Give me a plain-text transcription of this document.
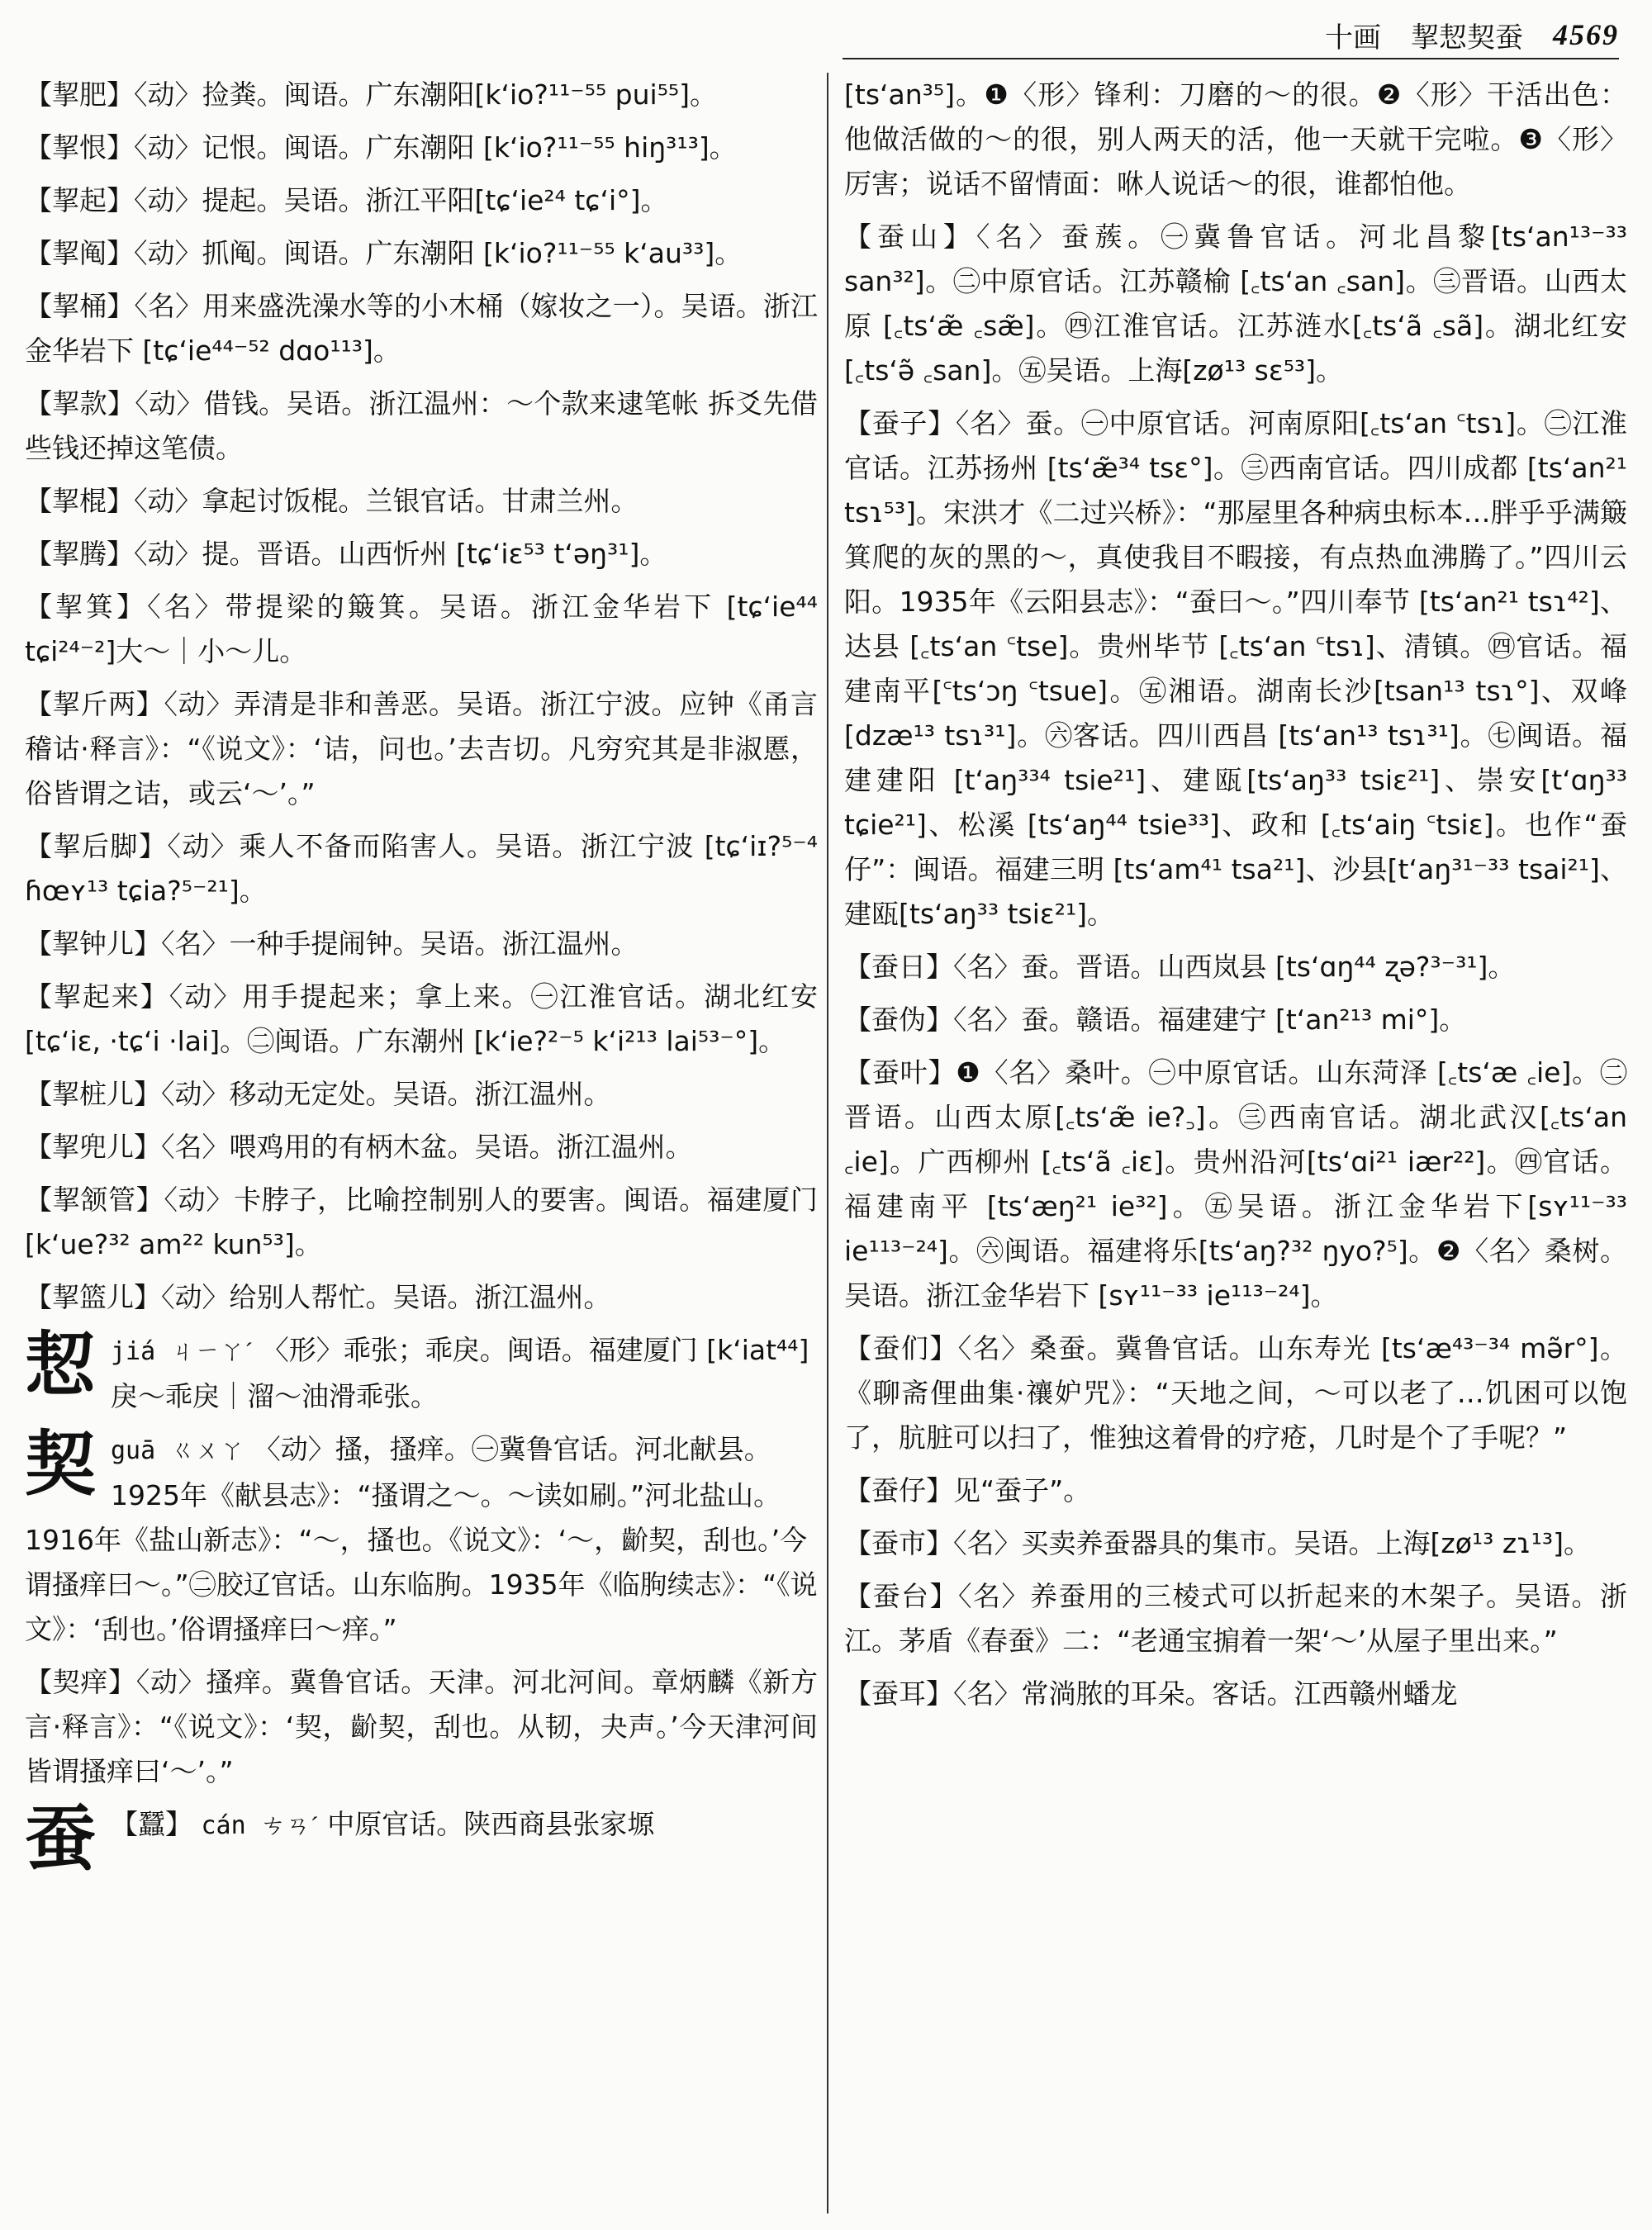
十画 挈恝契蚕 4569

【挈肥】〈动〉捡粪。闽语。广东潮阳[k‘io?¹¹⁻⁵⁵ pui⁵⁵]。

【挈恨】〈动〉记恨。闽语。广东潮阳 [k‘io?¹¹⁻⁵⁵ hiŋ³¹³]。

【挈起】〈动〉提起。吴语。浙江平阳[tɕ‘ie²⁴ tɕ‘i°]。

【挈阄】〈动〉抓阄。闽语。广东潮阳 [k‘io?¹¹⁻⁵⁵ k‘au³³]。

【挈桶】〈名〉用来盛洗澡水等的小木桶（嫁妆之一）。吴语。浙江金华岩下 [tɕ‘ie⁴⁴⁻⁵² dɑo¹¹³]。

【挈款】〈动〉借钱。吴语。浙江温州：～个款来逮笔帐 拆爻先借些钱还掉这笔债。

【挈棍】〈动〉拿起讨饭棍。兰银官话。甘肃兰州。

【挈腾】〈动〉提。晋语。山西忻州 [tɕ‘iɛ⁵³ t‘əŋ³¹]。

【挈箕】〈名〉带提梁的簸箕。吴语。浙江金华岩下 [tɕ‘ie⁴⁴ tɕi²⁴⁻²]大～｜小～儿。

【挈斤两】〈动〉弄清是非和善恶。吴语。浙江宁波。应钟《甬言稽诂·释言》：“《说文》：‘诘，问也。’去吉切。凡穷究其是非淑慝，俗皆谓之诘，或云‘～’。”

【挈后脚】〈动〉乘人不备而陷害人。吴语。浙江宁波 [tɕ‘iɪ?⁵⁻⁴ ɦœʏ¹³ tɕia?⁵⁻²¹]。

【挈钟儿】〈名〉一种手提闹钟。吴语。浙江温州。

【挈起来】〈动〉用手提起来；拿上来。㊀江淮官话。湖北红安[tɕ‘iɛ, ·tɕ‘i ·lai]。㊁闽语。广东潮州 [k‘ie?²⁻⁵ k‘i²¹³ lai⁵³⁻°]。

【挈桩儿】〈动〉移动无定处。吴语。浙江温州。

【挈兜儿】〈名〉喂鸡用的有柄木盆。吴语。浙江温州。

【挈颔管】〈动〉卡脖子，比喻控制别人的要害。闽语。福建厦门[k‘ue?³² am²² kun⁵³]。

【挈篮儿】〈动〉给别人帮忙。吴语。浙江温州。

恝 jiá ㄐㄧㄚˊ 〈形〉乖张；乖戾。闽语。福建厦门 [k‘iat⁴⁴] 戾～乖戾｜溜～油滑乖张。
契 guā ㄍㄨㄚ 〈动〉搔，搔痒。㊀冀鲁官话。河北献县。1925年《献县志》：“搔谓之～。～读如刷。”河北盐山。1916年《盐山新志》：“～，搔也。《说文》：‘～，齘契，刮也。’今谓搔痒曰～。”㊁胶辽官话。山东临朐。1935年《临朐续志》：“《说文》：‘刮也。’俗谓搔痒曰～痒。”

【契痒】〈动〉搔痒。冀鲁官话。天津。河北河间。章炳麟《新方言·释言》：“《说文》：‘契，齘契，刮也。从韧，夬声。’今天津河间皆谓搔痒曰‘～’。”

蚕 【蠶】 cán ㄘㄢˊ 中原官话。陕西商县张家塬

[ts‘an³⁵]。❶〈形〉锋利：刀磨的～的很。❷〈形〉干活出色：他做活做的～的很，别人两天的活，他一天就干完啦。❸〈形〉厉害；说话不留情面：咻人说话～的很，谁都怕他。

【蚕山】〈名〉蚕蔟。㊀冀鲁官话。河北昌黎[ts‘an¹³⁻³³ san³²]。㊁中原官话。江苏赣榆 [꜀ts‘an ꜀san]。㊂晋语。山西太原 [꜀ts‘æ̃ ꜀sæ̃]。㊃江淮官话。江苏涟水[꜀ts‘ã ꜀sã]。湖北红安[꜀ts‘ə̃ ꜀san]。㊄吴语。上海[zø¹³ sɛ⁵³]。

【蚕子】〈名〉蚕。㊀中原官话。河南原阳[꜀ts‘an ꜂tsɿ]。㊁江淮官话。江苏扬州 [ts‘æ̃³⁴ tsɛ°]。㊂西南官话。四川成都 [ts‘an²¹ tsɿ⁵³]。宋洪才《二过兴桥》：“那屋里各种病虫标本…胖乎乎满簸箕爬的灰的黑的～，真使我目不暇接，有点热血沸腾了。”四川云阳。1935年《云阳县志》：“蚕曰～。”四川奉节 [ts‘an²¹ tsɿ⁴²]、达县 [꜀ts‘an ꜂tse]。贵州毕节 [꜀ts‘an ꜂tsɿ]、清镇。㊃官话。福建南平[꜂ts‘ɔŋ ꜂tsue]。㊄湘语。湖南长沙[tsan¹³ tsɿ°]、双峰[dzæ¹³ tsɿ³¹]。㊅客话。四川西昌 [ts‘an¹³ tsɿ³¹]。㊆闽语。福建建阳 [t‘aŋ³³⁴ tsie²¹]、建瓯[ts‘aŋ³³ tsiɛ²¹]、崇安[t‘ɑŋ³³ tɕie²¹]、松溪 [ts‘aŋ⁴⁴ tsie³³]、政和 [꜀ts‘aiŋ ꜂tsiɛ]。也作“蚕仔”：闽语。福建三明 [ts‘am⁴¹ tsa²¹]、沙县[t‘aŋ³¹⁻³³ tsai²¹]、建瓯[ts‘aŋ³³ tsiɛ²¹]。

【蚕日】〈名〉蚕。晋语。山西岚县 [ts‘ɑŋ⁴⁴ ʐə?³⁻³¹]。

【蚕伪】〈名〉蚕。赣语。福建建宁 [t‘an²¹³ mi°]。

【蚕叶】❶〈名〉桑叶。㊀中原官话。山东菏泽 [꜀ts‘æ ꜀ie]。㊁晋语。山西太原[꜀ts‘æ̃ ie?꜆]。㊂西南官话。湖北武汉[꜀ts‘an ꜀ie]。广西柳州 [꜀ts‘ã ꜀iɛ]。贵州沿河[ts‘ɑi²¹ iær²²]。㊃官话。福建南平 [ts‘æŋ²¹ ie³²]。㊄吴语。浙江金华岩下[sʏ¹¹⁻³³ ie¹¹³⁻²⁴]。㊅闽语。福建将乐[ts‘aŋ?³² ŋyo?⁵]。❷〈名〉桑树。吴语。浙江金华岩下 [sʏ¹¹⁻³³ ie¹¹³⁻²⁴]。

【蚕们】〈名〉桑蚕。冀鲁官话。山东寿光 [ts‘æ⁴³⁻³⁴ mə̃r°]。《聊斋俚曲集·禳妒咒》：“天地之间，～可以老了…饥困可以饱了，肮脏可以扫了，惟独这着骨的疗疮，几时是个了手呢？”

【蚕仔】见“蚕子”。

【蚕市】〈名〉买卖养蚕器具的集市。吴语。上海[zø¹³ zɿ¹³]。

【蚕台】〈名〉养蚕用的三棱式可以折起来的木架子。吴语。浙江。茅盾《春蚕》二：“老通宝掮着一架‘～’从屋子里出来。”

【蚕耳】〈名〉常淌脓的耳朵。客话。江西赣州蟠龙
